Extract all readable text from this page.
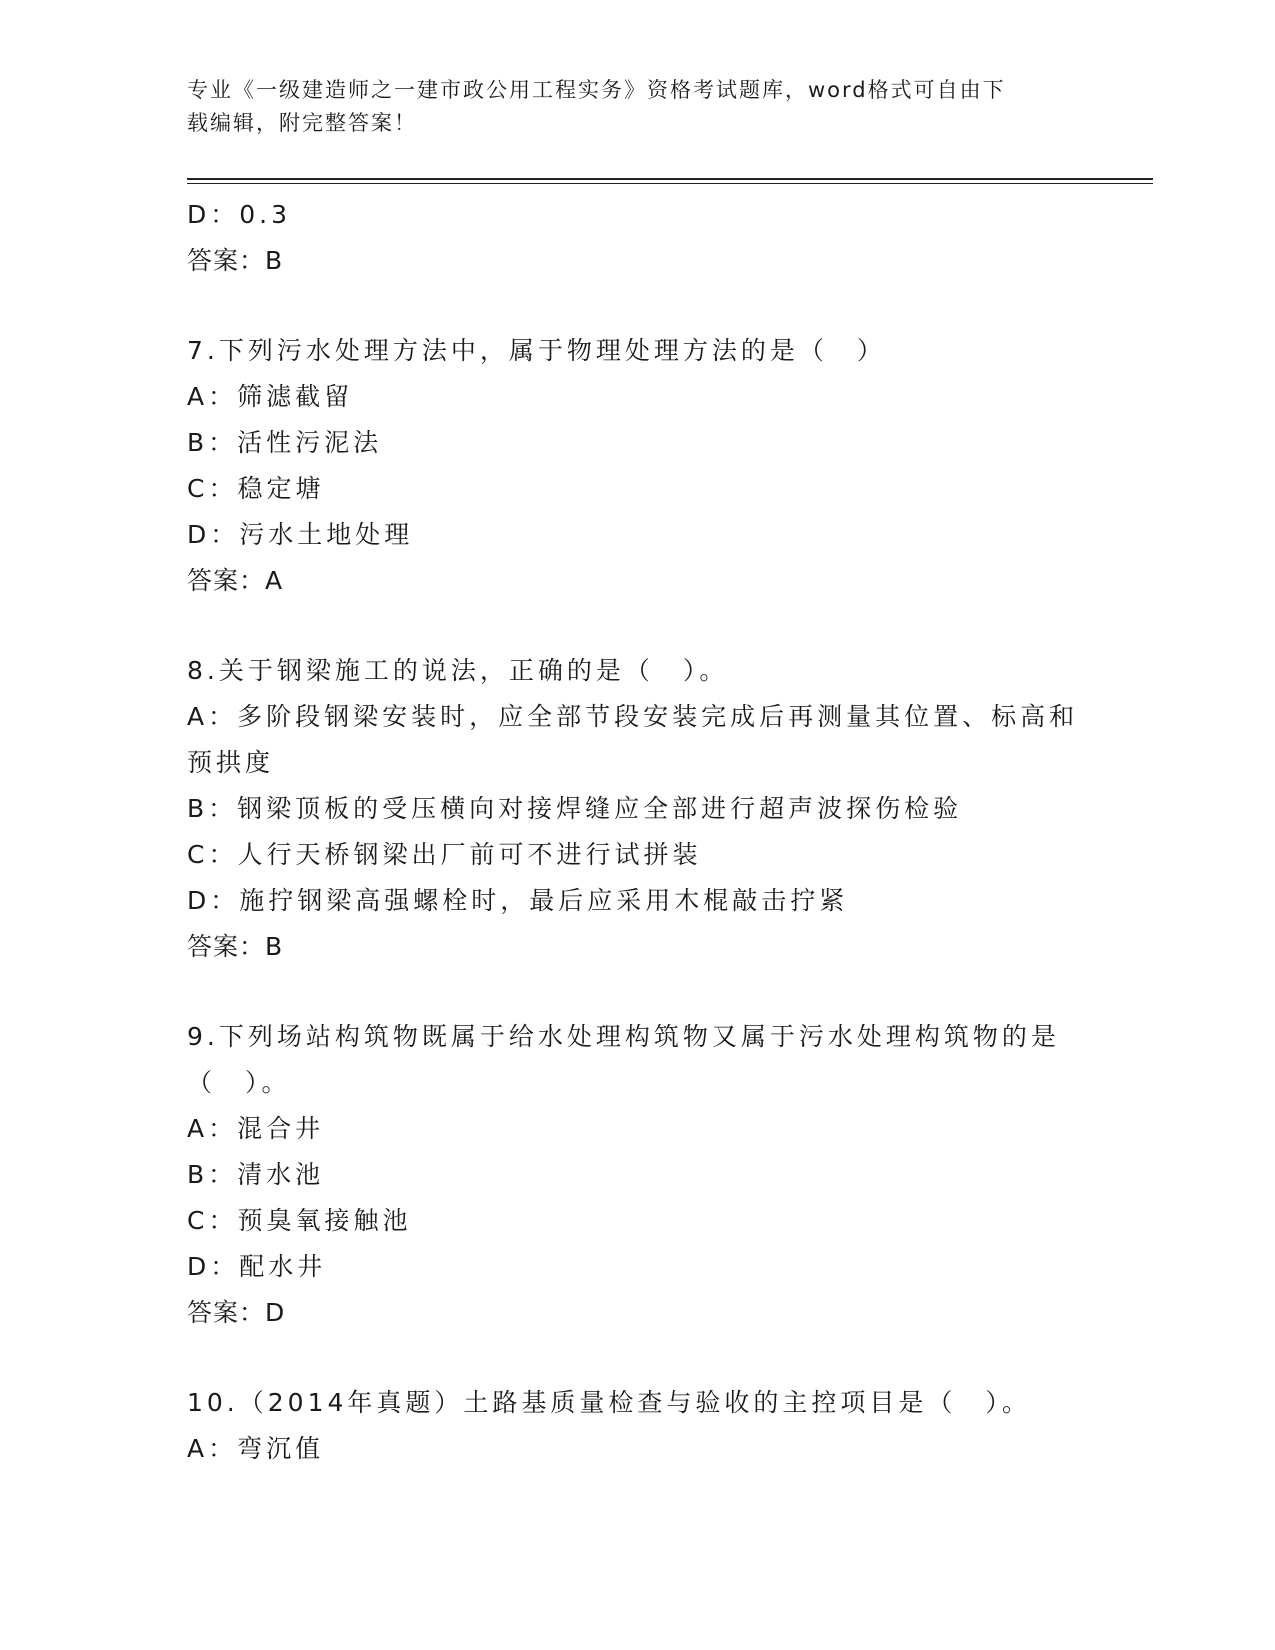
专业《一级建造师之一建市政公用工程实务》资格考试题库，word格式可自由下
载编辑，附完整答案！
D：0.3
答案：B
7.下列污水处理方法中，属于物理处理方法的是（　）
A：筛滤截留
B：活性污泥法
C：稳定塘
D：污水土地处理
答案：A
8.关于钢梁施工的说法，正确的是（　）。
A：多阶段钢梁安装时，应全部节段安装完成后再测量其位置、标高和
预拱度
B：钢梁顶板的受压横向对接焊缝应全部进行超声波探伤检验
C：人行天桥钢梁出厂前可不进行试拼装
D：施拧钢梁高强螺栓时，最后应采用木棍敲击拧紧
答案：B
9.下列场站构筑物既属于给水处理构筑物又属于污水处理构筑物的是
（　）。
A：混合井
B：清水池
C：预臭氧接触池
D：配水井
答案：D
10.（2014年真题）土路基质量检查与验收的主控项目是（　）。
A：弯沉值
